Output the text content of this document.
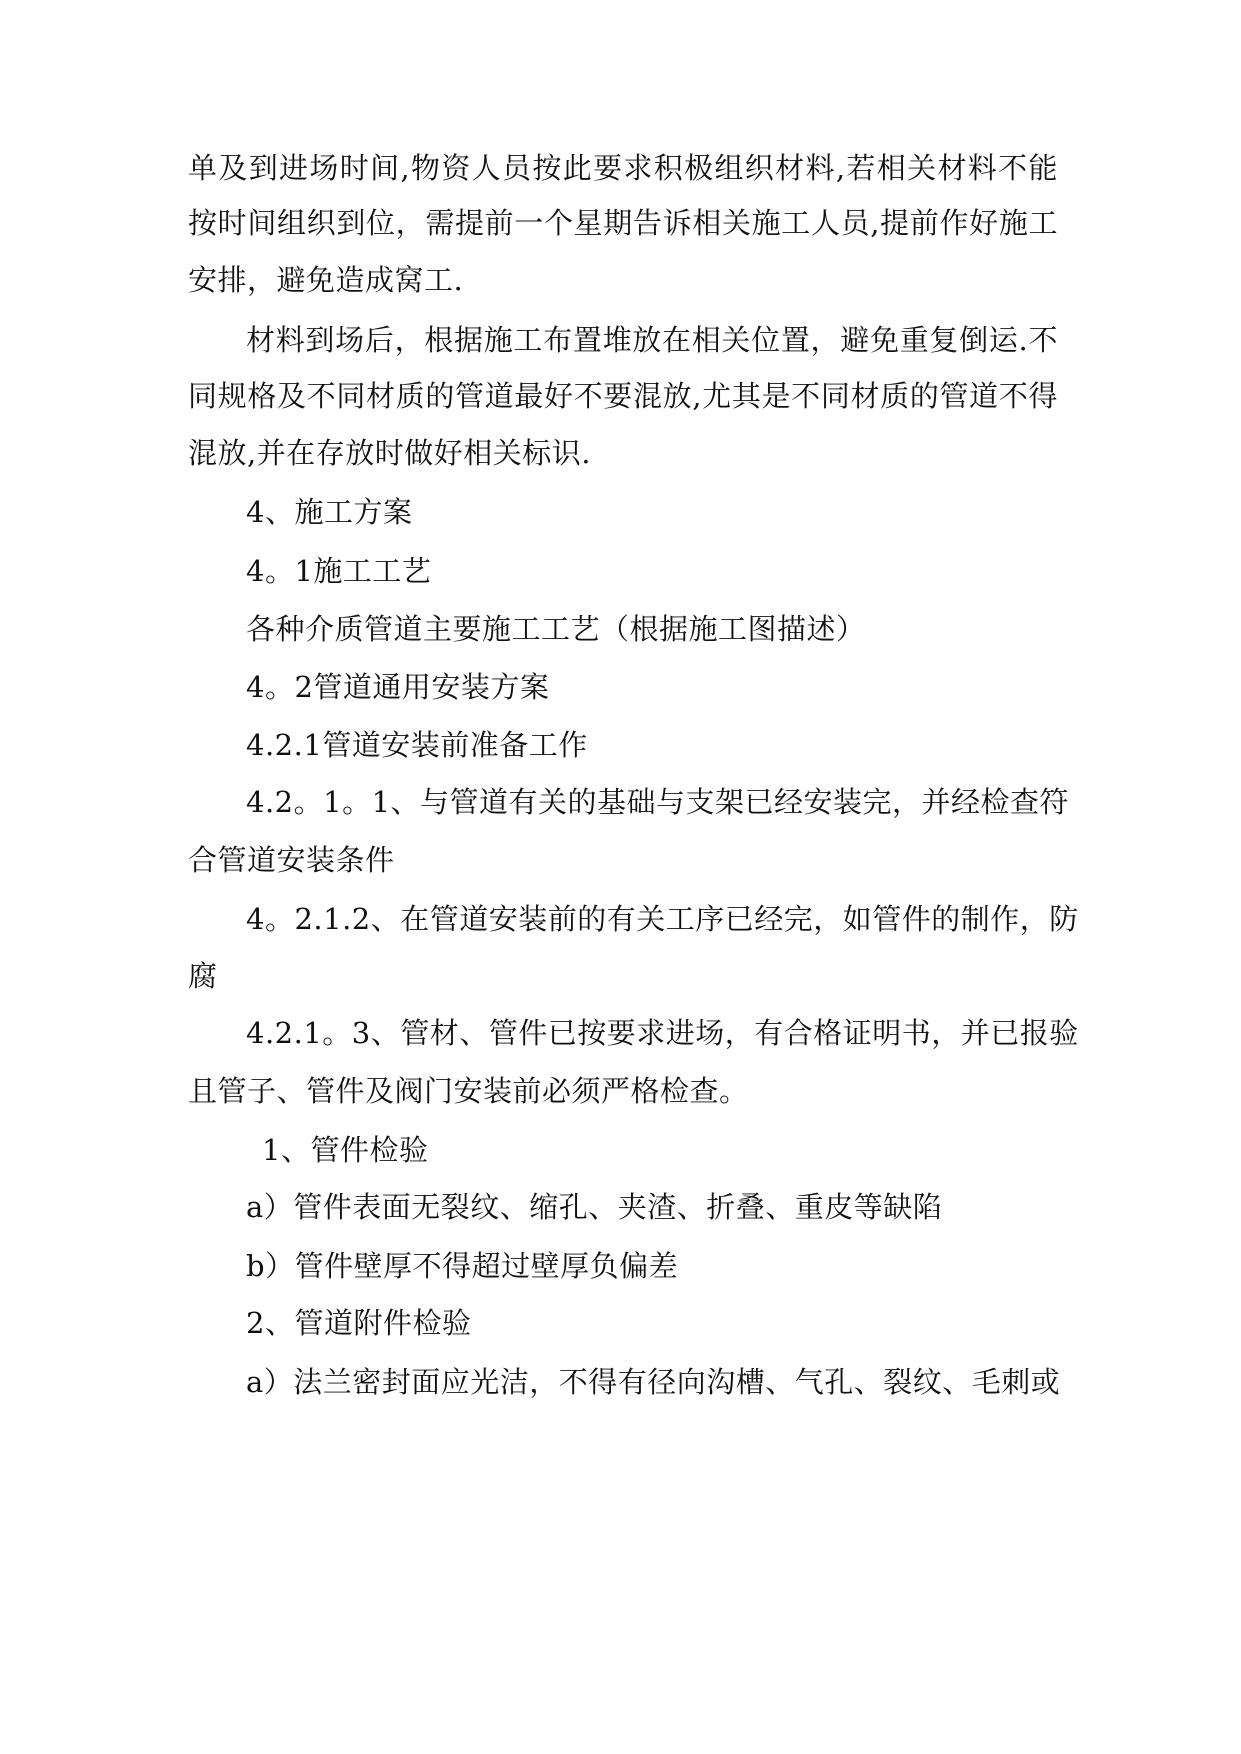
单及到进场时间,物资人员按此要求积极组织材料,若相关材料不能
按时间组织到位，需提前一个星期告诉相关施工人员,提前作好施工
安排，避免造成窝工.
材料到场后，根据施工布置堆放在相关位置，避免重复倒运.不
同规格及不同材质的管道最好不要混放,尤其是不同材质的管道不得
混放,并在存放时做好相关标识.
4、施工方案
4。1施工工艺
各种介质管道主要施工工艺（根据施工图描述）
4。2管道通用安装方案
4.2.1管道安装前准备工作
4.2。1。1、与管道有关的基础与支架已经安装完，并经检查符
合管道安装条件
4。2.1.2、在管道安装前的有关工序已经完，如管件的制作，防
腐
4.2.1。3、管材、管件已按要求进场，有合格证明书，并已报验
且管子、管件及阀门安装前必须严格检查。
1、管件检验
a）管件表面无裂纹、缩孔、夹渣、折叠、重皮等缺陷
b）管件壁厚不得超过壁厚负偏差
2、管道附件检验
a）法兰密封面应光洁，不得有径向沟槽、气孔、裂纹、毛刺或
